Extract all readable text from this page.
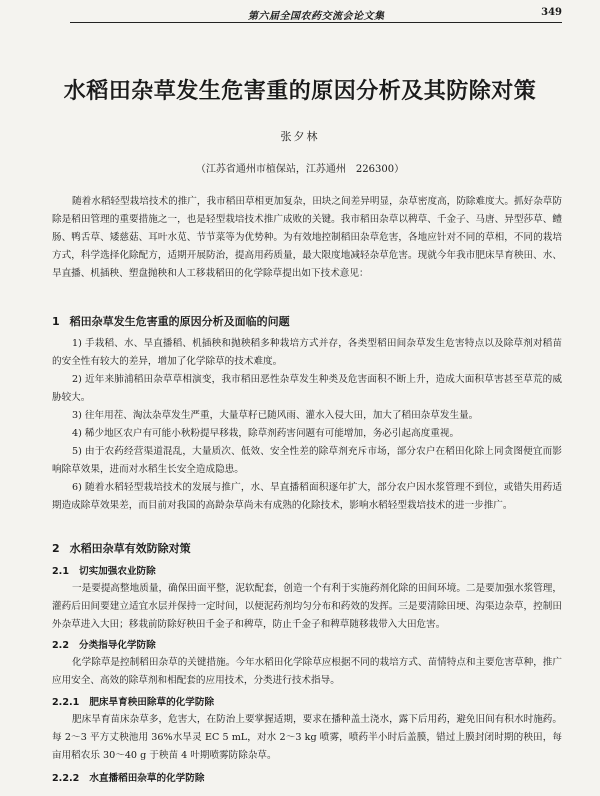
第六届全国农药交流会论文集	349
水稻田杂草发生危害重的原因分析及其防除对策
张夕林
（江苏省通州市植保站，江苏通州　226300）

随着水稻轻型栽培技术的推广，我市稻田草相更加复杂，田块之间差异明显，杂草密度高，防除难度大。抓好杂草防除是稻田管理的重要措施之一，也是轻型栽培技术推广成败的关键。我市稻田杂草以稗草、千金子、马唐、异型莎草、鳢肠、鸭舌草、矮慈菇、耳叶水苋、节节菜等为优势种。为有效地控制稻田杂草危害，各地应针对不同的草相，不同的栽培方式，科学选择化除配方，适期开展防治，提高用药质量，最大限度地减轻杂草危害。现就今年我市肥床旱育秧田、水、旱直播、机插秧、塑盘抛秧和人工移栽稻田的化学除草提出如下技术意见：

1 稻田杂草发生危害重的原因分析及面临的问题

1) 手栽稻、水、旱直播稻、机插秧和抛秧稻多种栽培方式并存，各类型稻田间杂草发生危害特点以及除草剂对稻苗的安全性有较大的差异，增加了化学除草的技术难度。

2) 近年来肺浦稻田杂草草相演变，我市稻田恶性杂草发生种类及危害面积不断上升，造成大面积草害甚至草荒的威胁较大。

3) 往年用茬、淘汰杂草发生严重，大量草籽已随风雨、灌水入侵大田，加大了稻田杂草发生量。

4) 稀少地区农户有可能小秋粉提早移栽，除草剂药害问题有可能增加，务必引起高度重视。

5) 由于农药经营渠道混乱，大量质次、低效、安全性差的除草剂充斥市场，部分农户在稻田化除上同贪图便宜而影响除草效果，进而对水稻生长安全造成隐患。

6) 随着水稻轻型栽培技术的发展与推广，水、旱直播稻面积逐年扩大，部分农户因水浆管理不到位，或错失用药适期造成除草效果差，而目前对我国的高龄杂草尚未有成熟的化除技术，影响水稻轻型栽培技术的进一步推广。

2 水稻田杂草有效防除对策
2.1 切实加强农业防除

一是要提高整地质量，确保田面平整，泥软配套，创造一个有利于实施药剂化除的田间环境。二是要加强水浆管理，灌药后田间要建立适宜水层并保持一定时间，以便泥药剂均匀分布和药效的发挥。三是要清除田埂、沟渠边杂草，控制田外杂草进入大田；移栽前防除好秧田千金子和稗草，防止千金子和稗草随移栽带入大田危害。

2.2 分类指导化学防除

化学除草是控制稻田杂草的关键措施。今年水稻田化学除草应根据不同的栽培方式、苗情特点和主要危害草种，推广应用安全、高效的除草剂和相配套的应用技术，分类进行技术指导。

2.2.1 肥床旱育秧田除草的化学防除

肥床旱育苗床杂草多，危害大，在防治上要掌握适期，要求在播种盖土浇水，露下后用药，避免旧间有积水时施药。每 2～3 平方丈秧池用 36%水旱灵 EC 5 mL，对水 2～3 kg 喷雾，喷药半小时后盖膜，错过上膜封闭时期的秧田，每亩用稻农乐 30～40 g 于秧苗 4 叶期喷雾防除杂草。

2.2.2 水直播稻田杂草的化学防除
